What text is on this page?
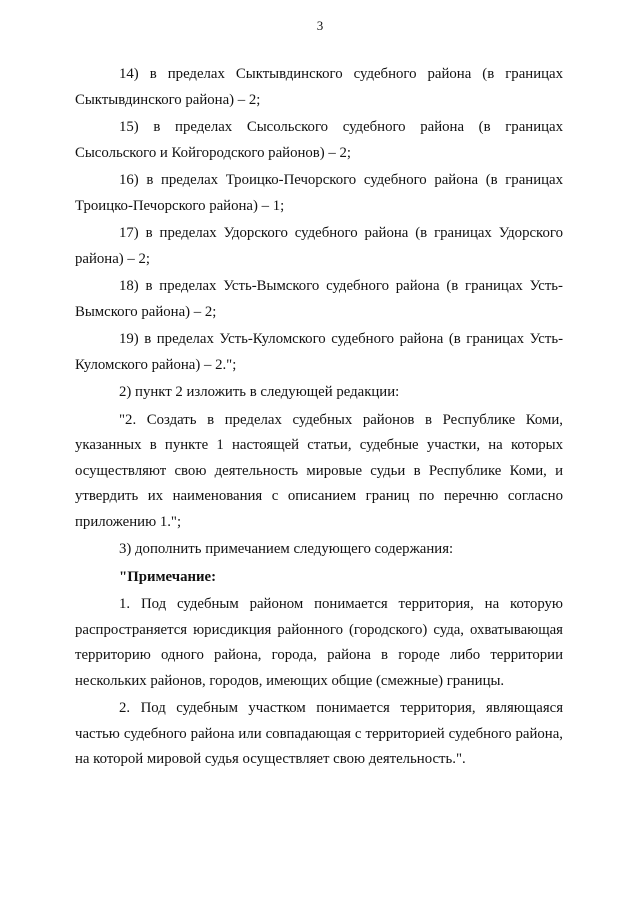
3

14) в пределах Сыктывдинского судебного района (в границах Сыктывдинского района) – 2;

15) в пределах Сысольского судебного района (в границах Сысольского и Койгородского районов) – 2;

16) в пределах Троицко-Печорского судебного района (в границах Троицко-Печорского района) – 1;

17) в пределах Удорского судебного района (в границах Удорского района) – 2;

18) в пределах Усть-Вымского судебного района (в границах Усть-Вымского района) – 2;

19) в пределах Усть-Куломского судебного района (в границах Усть-Куломского района) – 2.";

2) пункт 2 изложить в следующей редакции:

"2. Создать в пределах судебных районов в Республике Коми, указанных в пункте 1 настоящей статьи, судебные участки, на которых осуществляют свою деятельность мировые судьи в Республике Коми, и утвердить их наименования с описанием границ по перечню согласно приложению 1.";

3) дополнить примечанием следующего содержания:

"Примечание:

1. Под судебным районом понимается территория, на которую распространяется юрисдикция районного (городского) суда, охватывающая территорию одного района, города, района в городе либо территории нескольких районов, городов, имеющих общие (смежные) границы.

2. Под судебным участком понимается территория, являющаяся частью судебного района или совпадающая с территорией судебного района, на которой мировой судья осуществляет свою деятельность.".
